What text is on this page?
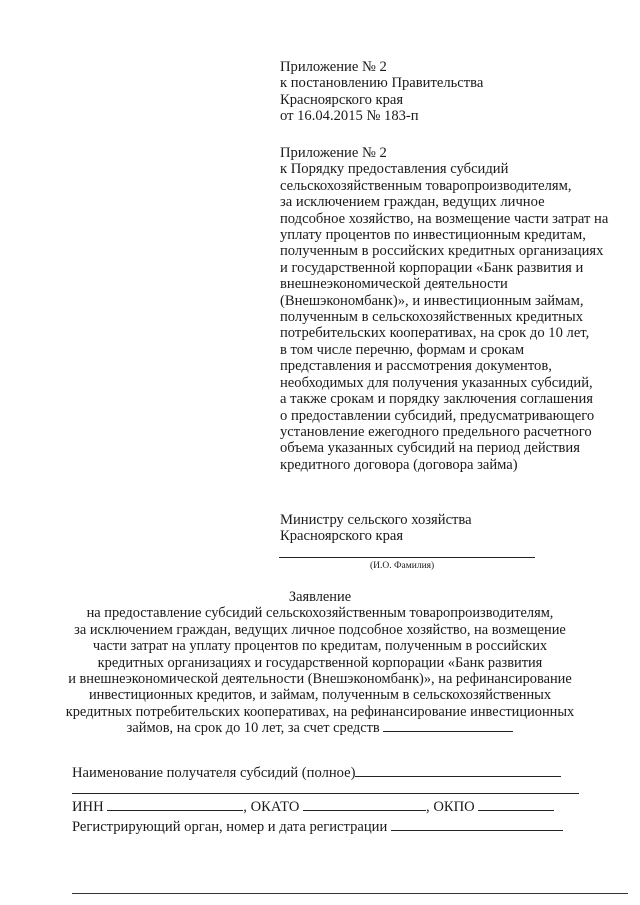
Приложение № 2
к постановлению Правительства
Красноярского края
от 16.04.2015 № 183-п
Приложение № 2
к Порядку предоставления субсидий
сельскохозяйственным товаропроизводителям,
за исключением граждан, ведущих личное
подсобное хозяйство, на возмещение части затрат на
уплату процентов по инвестиционным кредитам,
полученным в российских кредитных организациях
и государственной корпорации «Банк развития и
внешнеэкономической деятельности
(Внешэкономбанк)», и инвестиционным займам,
полученным в сельскохозяйственных кредитных
потребительских кооперативах, на срок до 10 лет,
в том числе перечню, формам и срокам
представления и рассмотрения документов,
необходимых для получения указанных субсидий,
а также срокам и порядку заключения соглашения
о предоставлении субсидий, предусматривающего
установление ежегодного предельного расчетного
объема указанных субсидий на период действия
кредитного договора (договора займа)
Министру сельского хозяйства
Красноярского края
(И.О. Фамилия)
Заявление
на предоставление субсидий сельскохозяйственным товаропроизводителям,
за исключением граждан, ведущих личное подсобное хозяйство, на возмещение
части затрат на уплату процентов по кредитам, полученным в российских
кредитных организациях и государственной корпорации «Банк развития
и внешнеэкономической деятельности (Внешэкономбанк)», на рефинансирование
инвестиционных кредитов, и займам, полученным в сельскохозяйственных
кредитных потребительских кооперативах, на рефинансирование инвестиционных
займов, на срок до 10 лет, за счет средств
Наименование получателя субсидий (полное)
ИНН	, ОКАТО	, ОКПО
Регистрирующий орган, номер и дата регистрации
